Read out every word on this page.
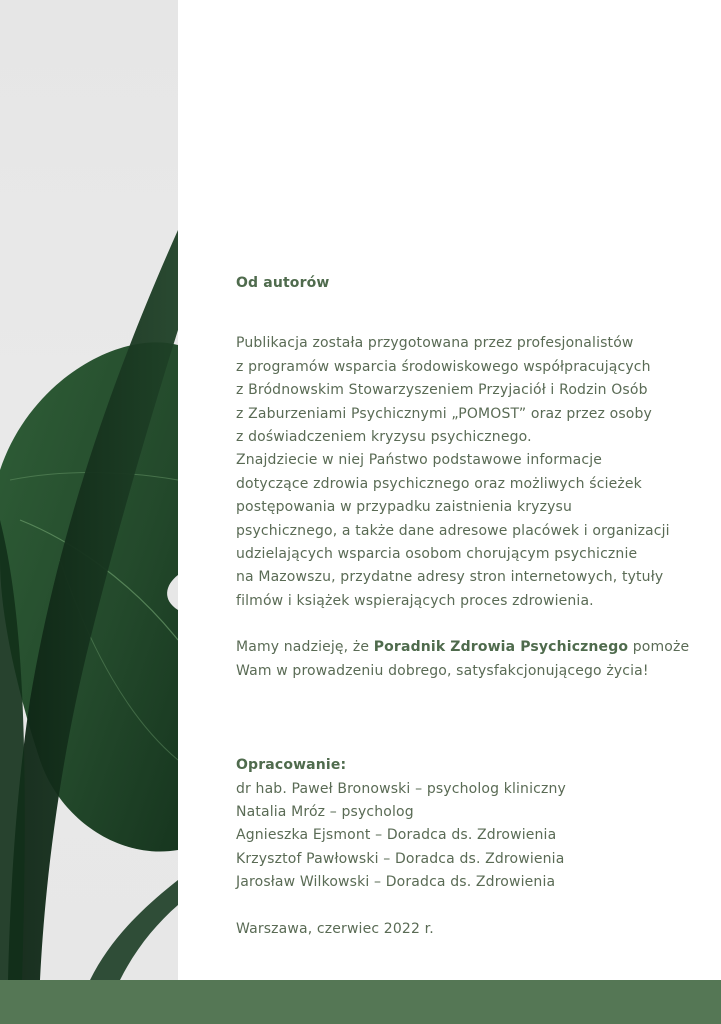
Od autorów
Publikacja została przygotowana przez profesjonalistów
z programów wsparcia środowiskowego współpracujących
z Bródnowskim Stowarzyszeniem Przyjaciół i Rodzin Osób
z Zaburzeniami Psychicznymi „POMOST” oraz przez osoby
z doświadczeniem kryzysu psychicznego.
Znajdziecie w niej Państwo podstawowe informacje
dotyczące zdrowia psychicznego oraz możliwych ścieżek
postępowania w przypadku zaistnienia kryzysu
psychicznego, a także dane adresowe placówek i organizacji
udzielających wsparcia osobom chorującym psychicznie
na Mazowszu, przydatne adresy stron internetowych, tytuły
filmów i książek wspierających proces zdrowienia.
Mamy nadzieję, że Poradnik Zdrowia Psychicznego pomoże
Wam w prowadzeniu dobrego, satysfakcjonującego życia!
Opracowanie:
dr hab. Paweł Bronowski – psycholog kliniczny
Natalia Mróz – psycholog
Agnieszka Ejsmont – Doradca ds. Zdrowienia
Krzysztof Pawłowski – Doradca ds. Zdrowienia
Jarosław Wilkowski – Doradca ds. Zdrowienia
Warszawa, czerwiec 2022 r.
